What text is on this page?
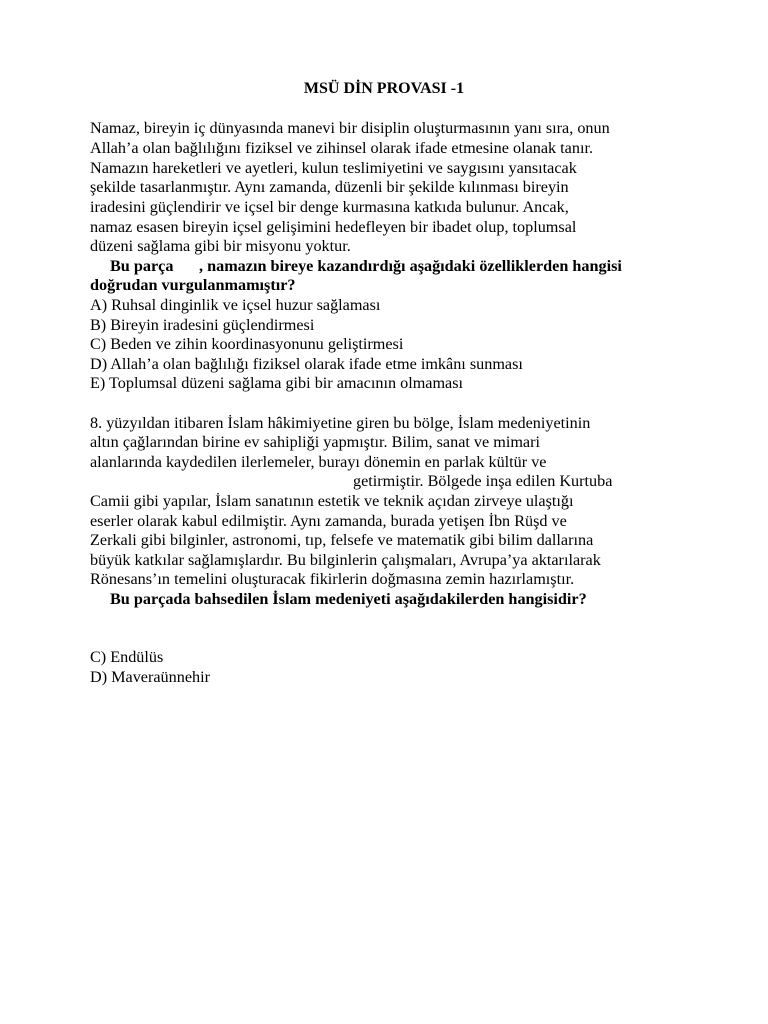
MSÜ DİN PROVASI -1
Namaz, bireyin iç dünyasında manevi bir disiplin oluşturmasının yanı sıra, onun
Allah’a olan bağlılığını fiziksel ve zihinsel olarak ifade etmesine olanak tanır.
Namazın hareketleri ve ayetleri, kulun teslimiyetini ve saygısını yansıtacak
şekilde tasarlanmıştır. Aynı zamanda, düzenli bir şekilde kılınması bireyin
iradesini güçlendirir ve içsel bir denge kurmasına katkıda bulunur. Ancak,
namaz esasen bireyin içsel gelişimini hedefleyen bir ibadet olup, toplumsal
düzeni sağlama gibi bir misyonu yoktur.
Bu parça , namazın bireye kazandırdığı aşağıdaki özelliklerden hangisi
doğrudan vurgulanmamıştır?
A) Ruhsal dinginlik ve içsel huzur sağlaması
B) Bireyin iradesini güçlendirmesi
C) Beden ve zihin koordinasyonunu geliştirmesi
D) Allah’a olan bağlılığı fiziksel olarak ifade etme imkânı sunması
E) Toplumsal düzeni sağlama gibi bir amacının olmaması
8. yüzyıldan itibaren İslam hâkimiyetine giren bu bölge, İslam medeniyetinin
altın çağlarından birine ev sahipliği yapmıştır. Bilim, sanat ve mimari
alanlarında kaydedilen ilerlemeler, burayı dönemin en parlak kültür ve
getirmiştir. Bölgede inşa edilen Kurtuba
Camii gibi yapılar, İslam sanatının estetik ve teknik açıdan zirveye ulaştığı
eserler olarak kabul edilmiştir. Aynı zamanda, burada yetişen İbn Rüşd ve
Zerkali gibi bilginler, astronomi, tıp, felsefe ve matematik gibi bilim dallarına
büyük katkılar sağlamışlardır. Bu bilginlerin çalışmaları, Avrupa’ya aktarılarak
Rönesans’ın temelini oluşturacak fikirlerin doğmasına zemin hazırlamıştır.
Bu parçada bahsedilen İslam medeniyeti aşağıdakilerden hangisidir?
C) Endülüs
D) Maveraünnehir
